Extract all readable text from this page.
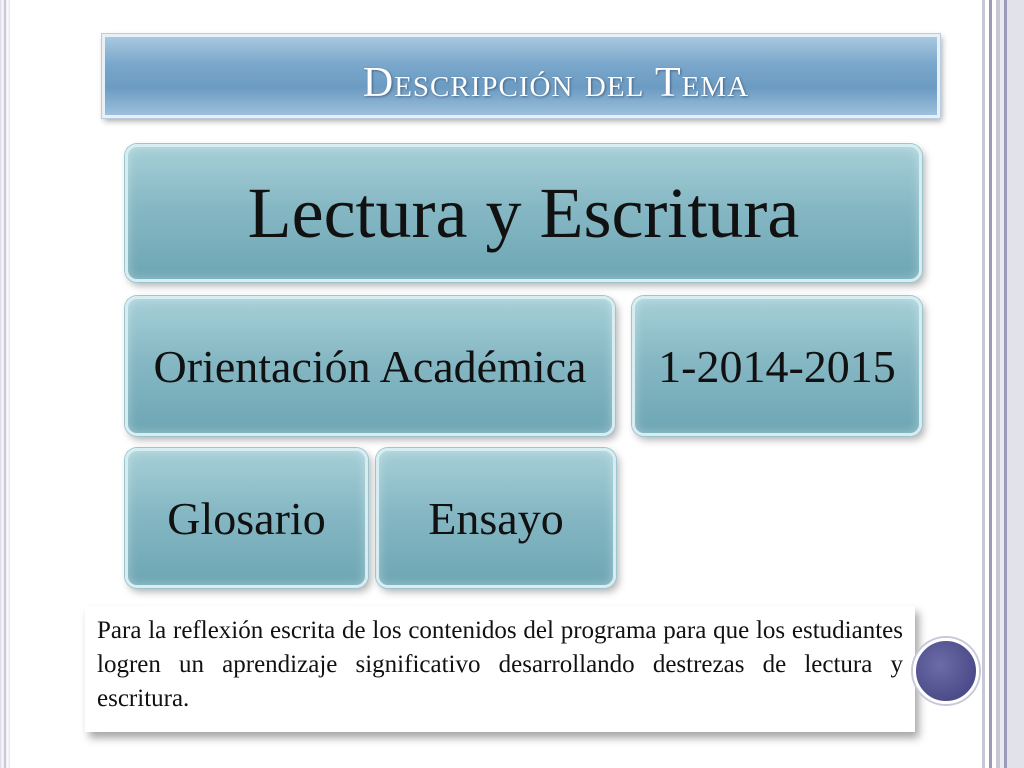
Descripción del Tema
Lectura y Escritura
Orientación Académica 1-2014-2015
Glosario Ensayo

Para la reflexión escrita de los contenidos del programa para que los estudiantes logren un aprendizaje significativo desarrollando destrezas de lectura y escritura.
